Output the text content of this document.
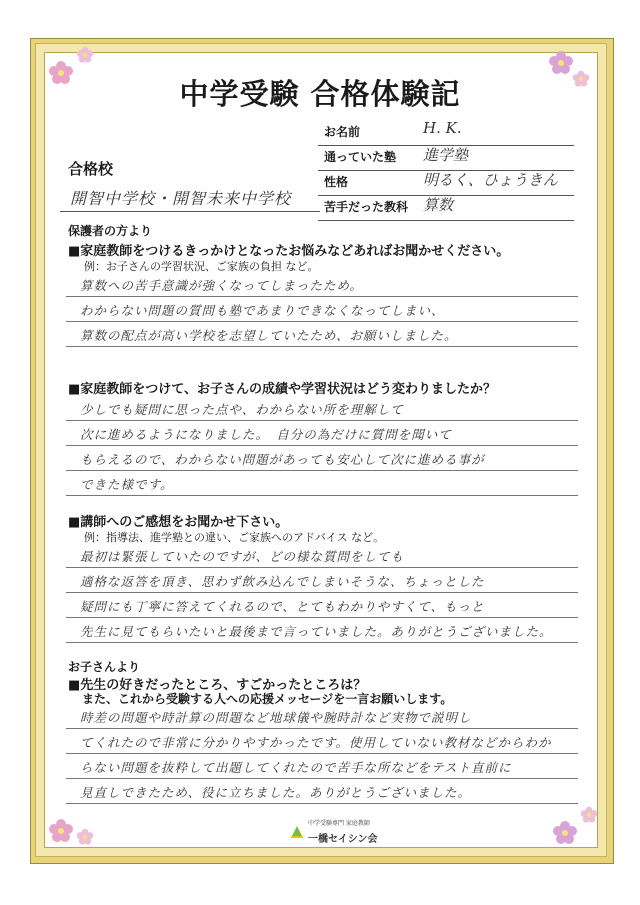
中学受験 合格体験記
お名前	H. K.
通っていた塾 進学塾
性格	明るく、ひょうきん
苦手だった教科 算数
合格校
開智中学校・開智未来中学校
保護者の方より
■家庭教師をつけるきっかけとなったお悩みなどあればお聞かせください。
例：お子さんの学習状況、ご家族の負担 など。
算数への苦手意識が強くなってしまったため。
わからない問題の質問も塾であまりできなくなってしまい、
算数の配点が高い学校を志望していたため、お願いしました。
■家庭教師をつけて、お子さんの成績や学習状況はどう変わりましたか？
少しでも疑問に思った点や、わからない所を理解して
次に進めるようになりました。　自分の為だけに質問を聞いて
もらえるので、わからない問題があっても安心して次に進める事が
できた様です。
■講師へのご感想をお聞かせ下さい。
例：指導法、進学塾との違い、ご家族へのアドバイス など。
最初は緊張していたのですが、どの様な質問をしても
適格な返答を頂き、思わず飲み込んでしまいそうな、ちょっとした
疑問にも丁寧に答えてくれるので、とてもわかりやすくて、もっと
先生に見てもらいたいと最後まで言っていました。ありがとうございました。
お子さんより
■先生の好きだったところ、すごかったところは？
また、これから受験する人への応援メッセージを一言お願いします。
時差の問題や時計算の問題など地球儀や腕時計など実物で説明し
てくれたので非常に分かりやすかったです。使用していない教材などからわか
らない問題を抜粋して出題してくれたので苦手な所などをテスト直前に
見直しできたため、役に立ちました。ありがとうございました。
中学受験専門 家庭教師
一橋セイシン会
